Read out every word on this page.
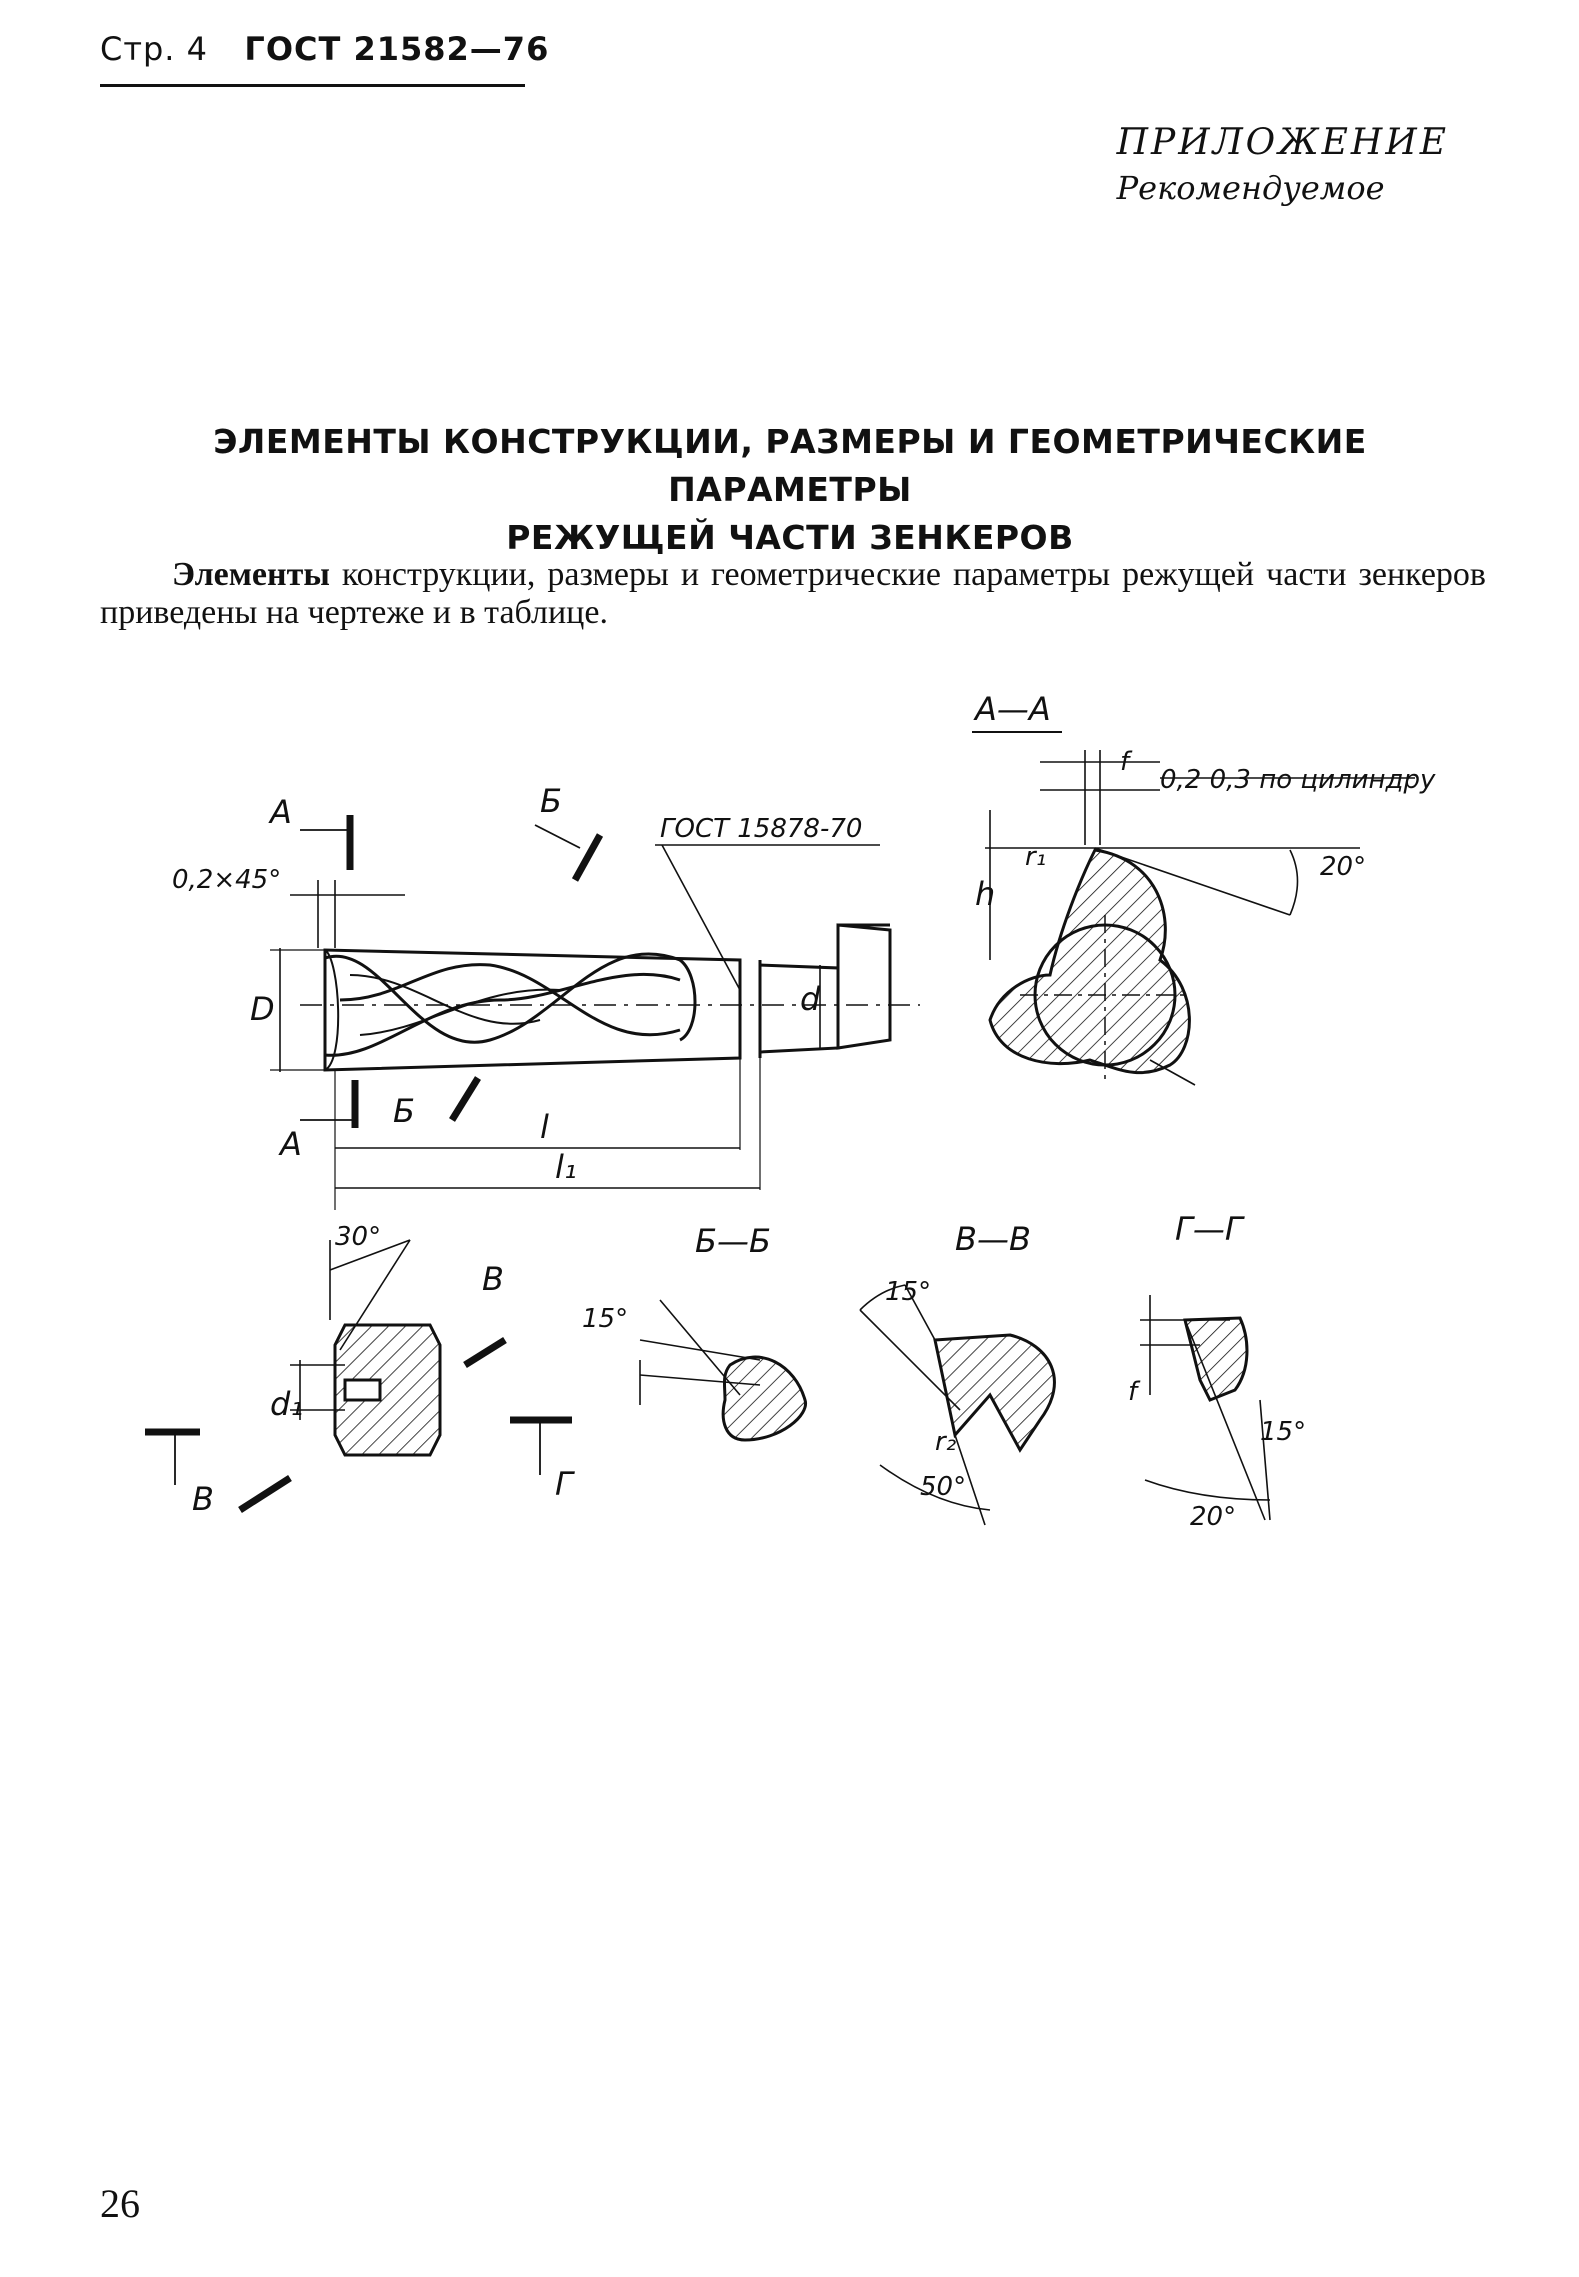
Стр. 4 ГОСТ 21582—76
ПРИЛОЖЕНИЕ
Рекомендуемое
ЭЛЕМЕНТЫ КОНСТРУКЦИИ, РАЗМЕРЫ И ГЕОМЕТРИЧЕСКИЕ ПАРАМЕТРЫ
РЕЖУЩЕЙ ЧАСТИ ЗЕНКЕРОВ
Элементы конструкции, размеры и геометрические параметры режущей части зенкеров приведены на чертеже и в таблице.
А
А
Б
Б
0,2×45°
ГОСТ 15878-70
D	d
l
l₁
А—А
f
0,2 0,3 по цилиндру
20°
r₁
h
30°
d₁
В
В	Г
Б—Б
15°
В—В
15°
r₂
50°
Г—Г
f
15°
20°
26
